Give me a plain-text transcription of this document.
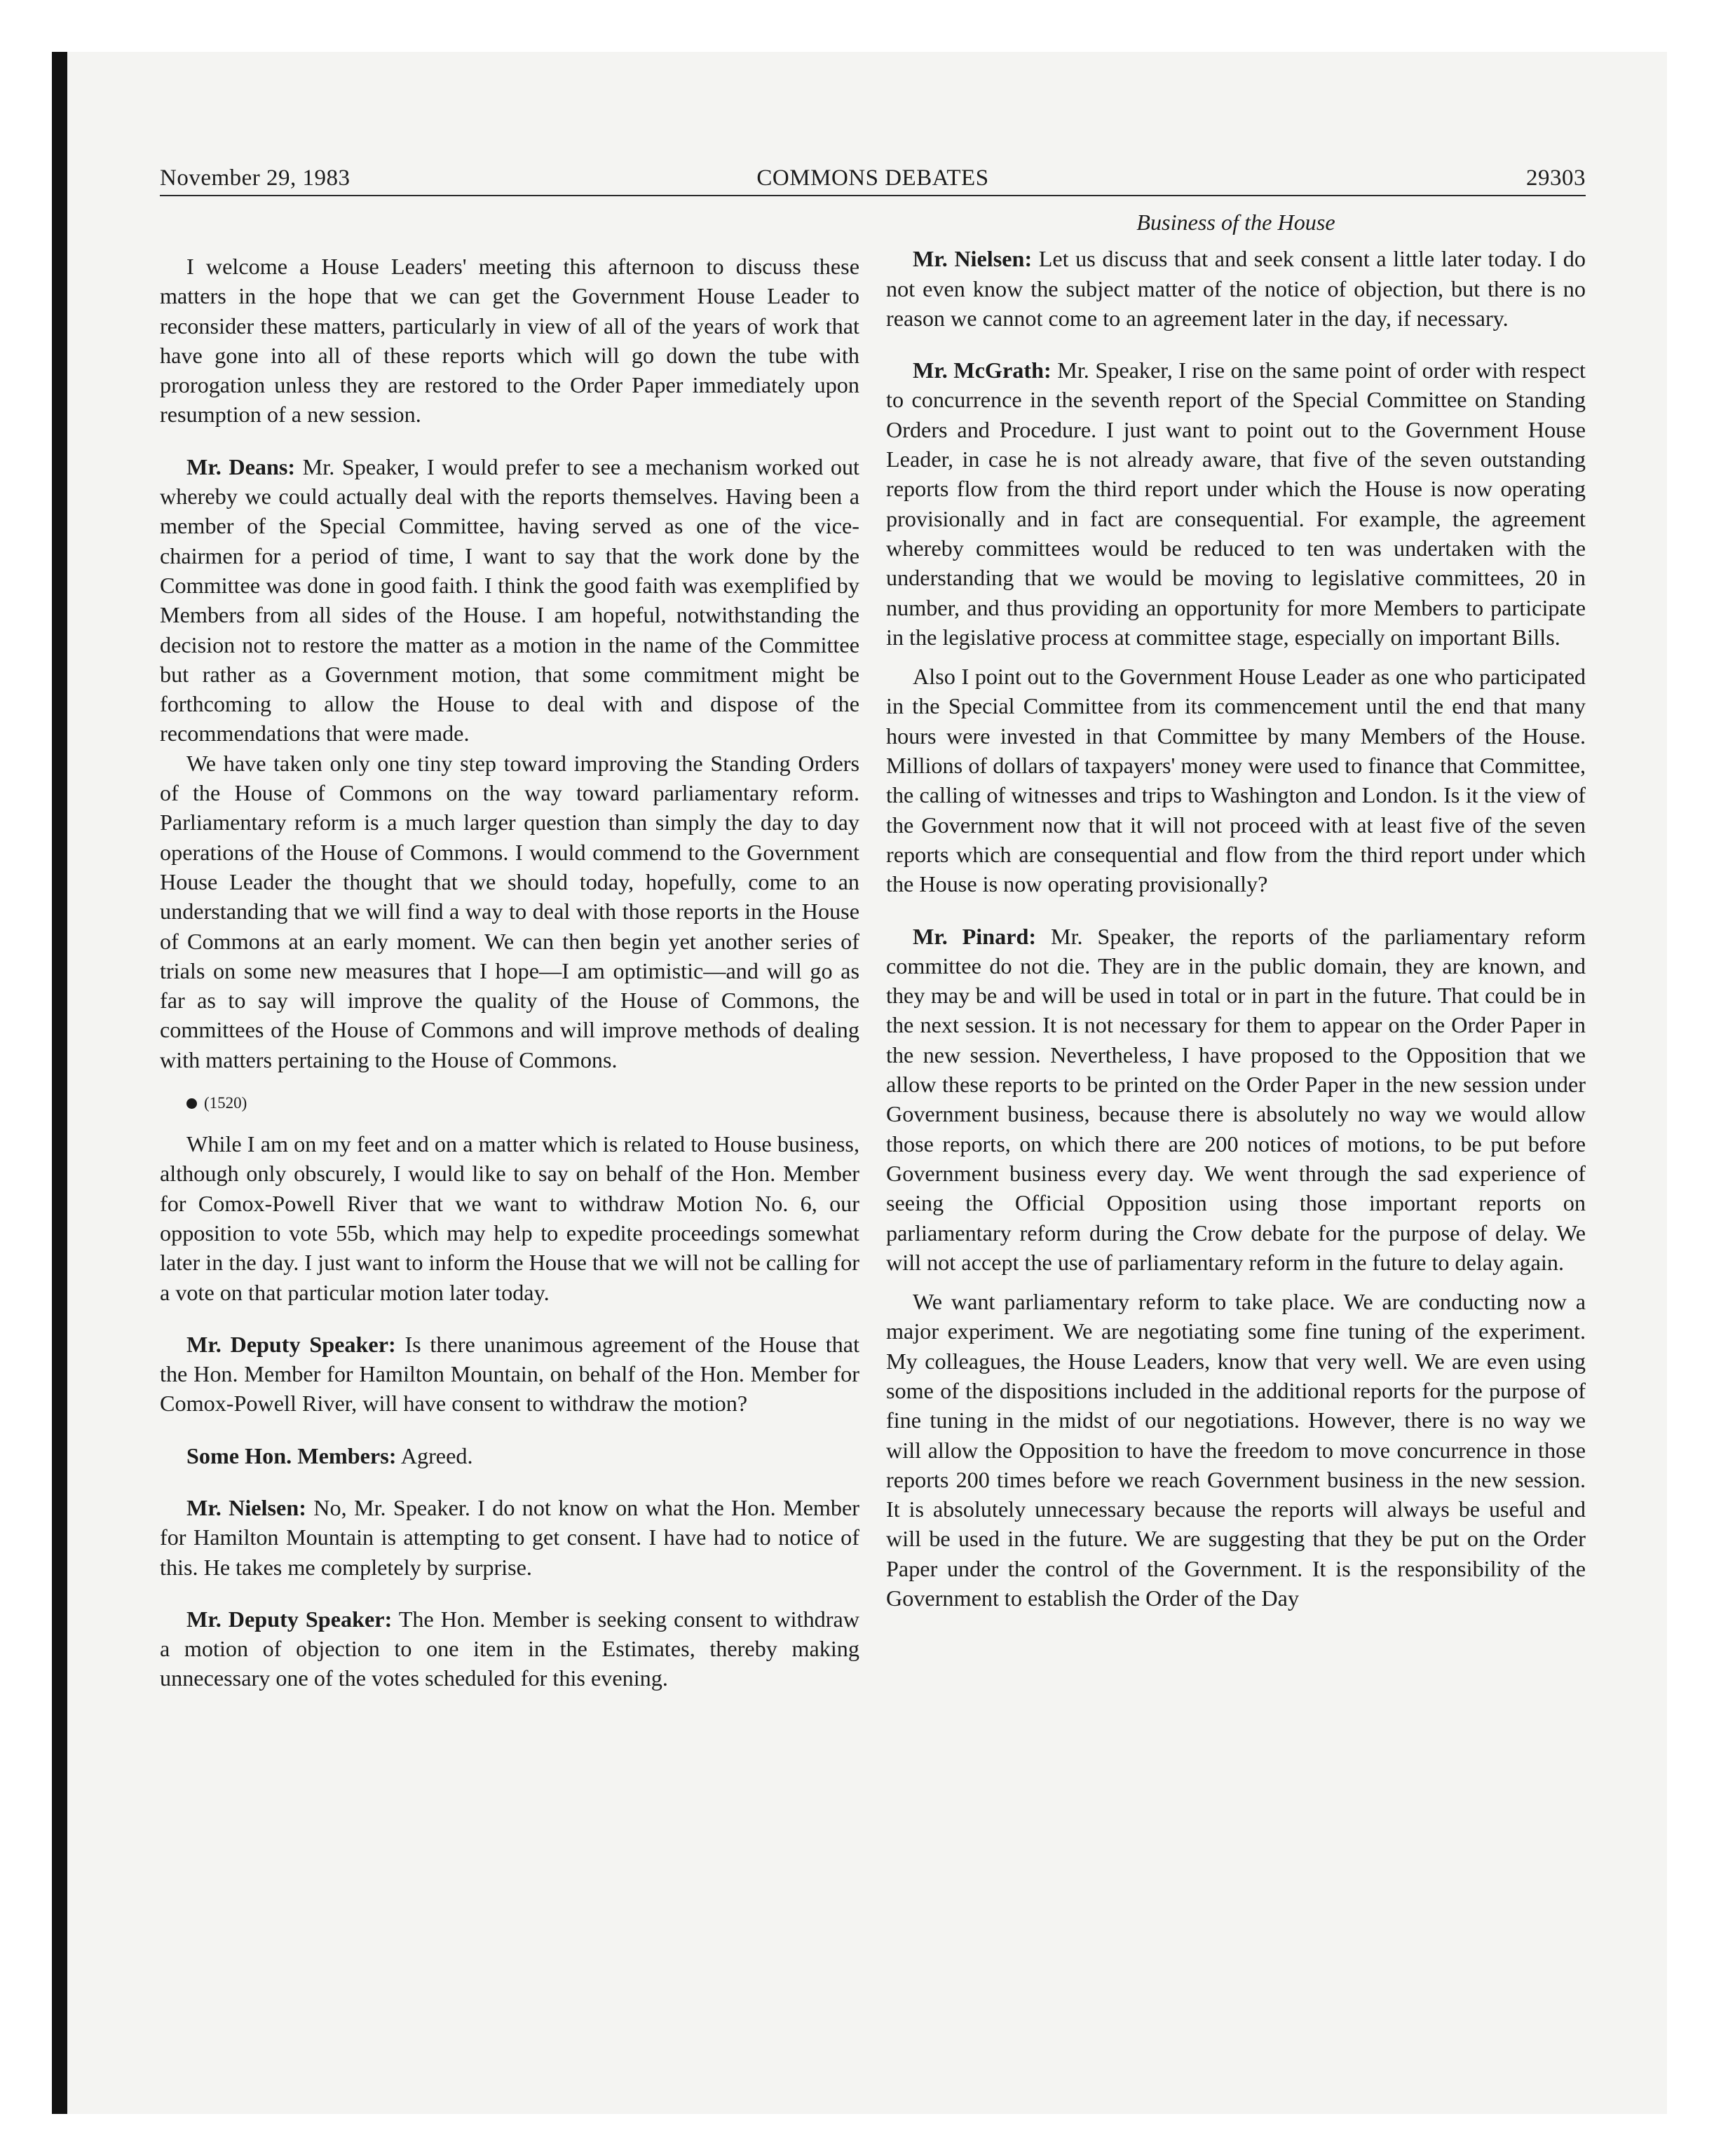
November 29, 1983	COMMONS DEBATES	29303

I welcome a House Leaders' meeting this afternoon to discuss these matters in the hope that we can get the Government House Leader to reconsider these matters, particularly in view of all of the years of work that have gone into all of these reports which will go down the tube with prorogation unless they are restored to the Order Paper immediately upon resumption of a new session.

Mr. Deans: Mr. Speaker, I would prefer to see a mechanism worked out whereby we could actually deal with the reports themselves. Having been a member of the Special Committee, having served as one of the vice-chairmen for a period of time, I want to say that the work done by the Committee was done in good faith. I think the good faith was exemplified by Members from all sides of the House. I am hopeful, notwithstanding the decision not to restore the matter as a motion in the name of the Committee but rather as a Government motion, that some commitment might be forthcoming to allow the House to deal with and dispose of the recommendations that were made.

We have taken only one tiny step toward improving the Standing Orders of the House of Commons on the way toward parliamentary reform. Parliamentary reform is a much larger question than simply the day to day operations of the House of Commons. I would commend to the Government House Leader the thought that we should today, hopefully, come to an understanding that we will find a way to deal with those reports in the House of Commons at an early moment. We can then begin yet another series of trials on some new measures that I hope—I am optimistic—and will go as far as to say will improve the quality of the House of Commons, the committees of the House of Commons and will improve methods of dealing with matters pertaining to the House of Commons.

(1520)

While I am on my feet and on a matter which is related to House business, although only obscurely, I would like to say on behalf of the Hon. Member for Comox-Powell River that we want to withdraw Motion No. 6, our opposition to vote 55b, which may help to expedite proceedings somewhat later in the day. I just want to inform the House that we will not be calling for a vote on that particular motion later today.

Mr. Deputy Speaker: Is there unanimous agreement of the House that the Hon. Member for Hamilton Mountain, on behalf of the Hon. Member for Comox-Powell River, will have consent to withdraw the motion?

Some Hon. Members: Agreed.

Mr. Nielsen: No, Mr. Speaker. I do not know on what the Hon. Member for Hamilton Mountain is attempting to get consent. I have had to notice of this. He takes me completely by surprise.

Mr. Deputy Speaker: The Hon. Member is seeking consent to withdraw a motion of objection to one item in the Estimates, thereby making unnecessary one of the votes scheduled for this evening.

Business of the House

Mr. Nielsen: Let us discuss that and seek consent a little later today. I do not even know the subject matter of the notice of objection, but there is no reason we cannot come to an agreement later in the day, if necessary.

Mr. McGrath: Mr. Speaker, I rise on the same point of order with respect to concurrence in the seventh report of the Special Committee on Standing Orders and Procedure. I just want to point out to the Government House Leader, in case he is not already aware, that five of the seven outstanding reports flow from the third report under which the House is now operating provisionally and in fact are consequential. For example, the agreement whereby committees would be reduced to ten was undertaken with the understanding that we would be moving to legislative committees, 20 in number, and thus providing an opportunity for more Members to participate in the legislative process at committee stage, especially on important Bills.

Also I point out to the Government House Leader as one who participated in the Special Committee from its commencement until the end that many hours were invested in that Committee by many Members of the House. Millions of dollars of taxpayers' money were used to finance that Committee, the calling of witnesses and trips to Washington and London. Is it the view of the Government now that it will not proceed with at least five of the seven reports which are consequential and flow from the third report under which the House is now operating provisionally?

Mr. Pinard: Mr. Speaker, the reports of the parliamentary reform committee do not die. They are in the public domain, they are known, and they may be and will be used in total or in part in the future. That could be in the next session. It is not necessary for them to appear on the Order Paper in the new session. Nevertheless, I have proposed to the Opposition that we allow these reports to be printed on the Order Paper in the new session under Government business, because there is absolutely no way we would allow those reports, on which there are 200 notices of motions, to be put before Government business every day. We went through the sad experience of seeing the Official Opposition using those important reports on parliamentary reform during the Crow debate for the purpose of delay. We will not accept the use of parliamentary reform in the future to delay again.

We want parliamentary reform to take place. We are conducting now a major experiment. We are negotiating some fine tuning of the experiment. My colleagues, the House Leaders, know that very well. We are even using some of the dispositions included in the additional reports for the purpose of fine tuning in the midst of our negotiations. However, there is no way we will allow the Opposition to have the freedom to move concurrence in those reports 200 times before we reach Government business in the new session. It is absolutely unnecessary because the reports will always be useful and will be used in the future. We are suggesting that they be put on the Order Paper under the control of the Government. It is the responsibility of the Government to establish the Order of the Day
